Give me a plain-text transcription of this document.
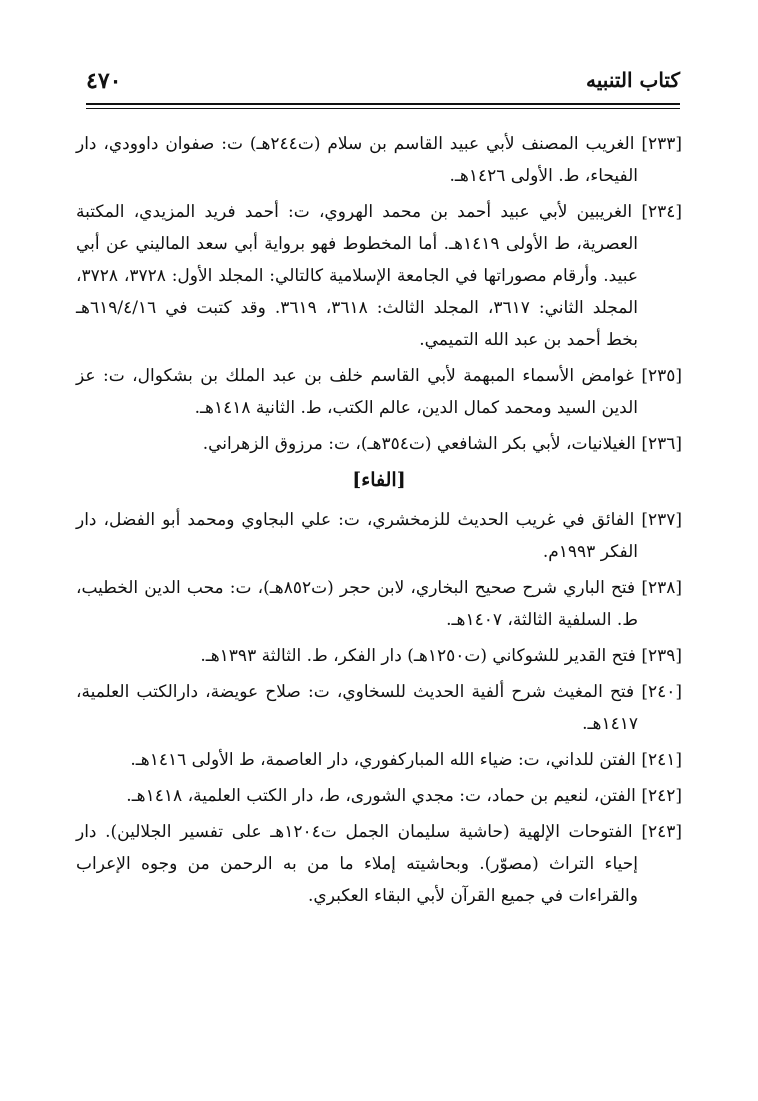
٤٧٠	كتاب التنبيه

[٢٣٣] الغريب المصنف لأبي عبيد القاسم بن سلام (ت٢٤٤هـ) ت: صفوان داوودي، دار الفيحاء، ط. الأولى ١٤٢٦هـ.

[٢٣٤] الغريبين لأبي عبيد أحمد بن محمد الهروي، ت: أحمد فريد المزيدي، المكتبة العصرية، ط الأولى ١٤١٩هـ. أما المخطوط فهو برواية أبي سعد الماليني عن أبي عبيد. وأرقام مصوراتها في الجامعة الإسلامية كالتالي: المجلد الأول: ٣٧٢٨، ٣٧٢٨، المجلد الثاني: ٣٦١٧، المجلد الثالث: ٣٦١٨، ٣٦١٩. وقد كتبت في ٦١٩/٤/١٦هـ بخط أحمد بن عبد الله التميمي.

[٢٣٥] غوامض الأسماء المبهمة لأبي القاسم خلف بن عبد الملك بن بشكوال، ت: عز الدين السيد ومحمد كمال الدين، عالم الكتب، ط. الثانية ١٤١٨هـ.

[٢٣٦] الغيلانيات، لأبي بكر الشافعي (ت٣٥٤هـ)، ت: مرزوق الزهراني.

[الفاء]

[٢٣٧] الفائق في غريب الحديث للزمخشري، ت: علي البجاوي ومحمد أبو الفضل، دار الفكر ١٩٩٣م.

[٢٣٨] فتح الباري شرح صحيح البخاري، لابن حجر (ت٨٥٢هـ)، ت: محب الدين الخطيب، ط. السلفية الثالثة، ١٤٠٧هـ.

[٢٣٩] فتح القدير للشوكاني (ت١٢٥٠هـ) دار الفكر، ط. الثالثة ١٣٩٣هـ.

[٢٤٠] فتح المغيث شرح ألفية الحديث للسخاوي، ت: صلاح عويضة، دارالكتب العلمية، ١٤١٧هـ.

[٢٤١] الفتن للداني، ت: ضياء الله المباركفوري، دار العاصمة، ط الأولى ١٤١٦هـ.

[٢٤٢] الفتن، لنعيم بن حماد، ت: مجدي الشورى، ط، دار الكتب العلمية، ١٤١٨هـ.

[٢٤٣] الفتوحات الإلهية (حاشية سليمان الجمل ت١٢٠٤هـ على تفسير الجلالين). دار إحياء التراث (مصوّر). وبحاشيته إملاء ما من به الرحمن من وجوه الإعراب والقراءات في جميع القرآن لأبي البقاء العكبري.
